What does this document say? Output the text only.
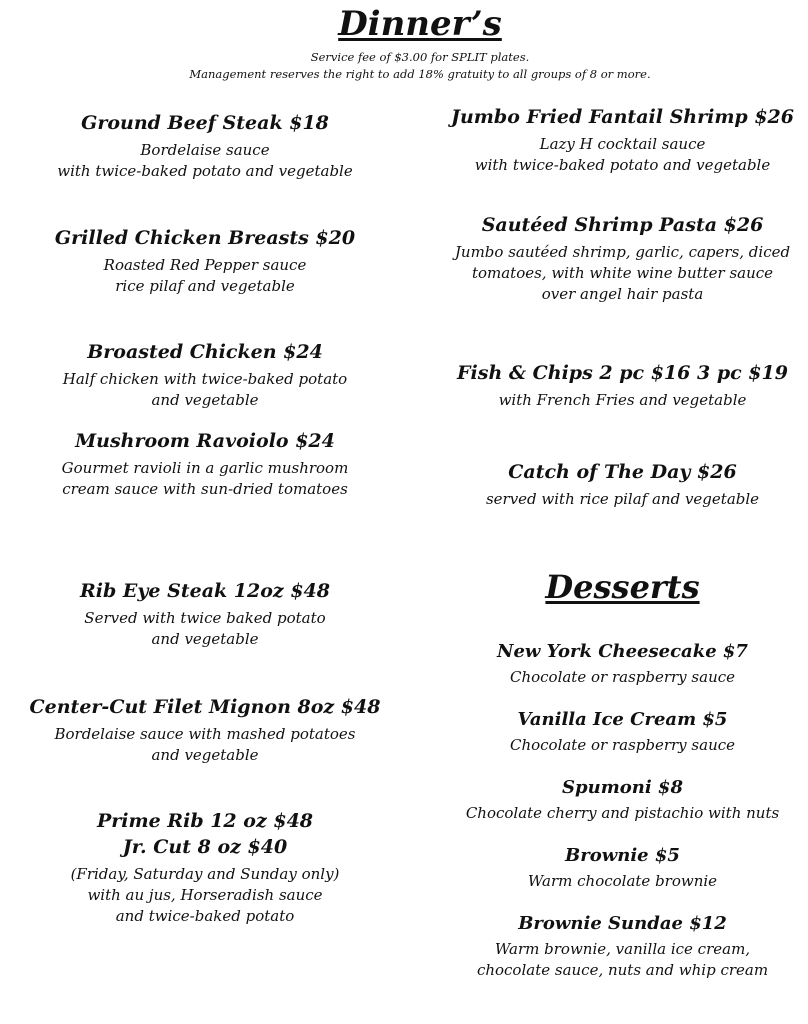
Dinner’s

Service fee of $3.00 for SPLIT plates.

Management reserves the right to add 18% gratuity to all groups of 8 or more.

Ground Beef Steak $18

Bordelaise sauce
with twice-baked potato and vegetable

Grilled Chicken Breasts $20

Roasted Red Pepper sauce
rice pilaf and vegetable

Broasted Chicken $24

Half chicken with twice-baked potato
and vegetable

Mushroom Ravoiolo $24

Gourmet ravioli in a garlic mushroom
cream sauce with sun-dried tomatoes

Rib Eye Steak 12oz $48

Served with twice baked potato
and vegetable

Center-Cut Filet Mignon 8oz $48

Bordelaise sauce with mashed potatoes
and vegetable

Prime Rib 12 oz $48
Jr. Cut 8 oz $40

(Friday, Saturday and Sunday only)
with au jus, Horseradish sauce
and twice-baked potato

Jumbo Fried Fantail Shrimp $26

Lazy H cocktail sauce
with twice-baked potato and vegetable

Sautéed Shrimp Pasta $26

Jumbo sautéed shrimp, garlic, capers, diced
tomatoes, with white wine butter sauce
over angel hair pasta

Fish & Chips 2 pc $16 3 pc $19

with French Fries and vegetable

Catch of The Day $26

served with rice pilaf and vegetable

Desserts

New York Cheesecake $7

Chocolate or raspberry sauce

Vanilla Ice Cream $5

Chocolate or raspberry sauce

Spumoni $8

Chocolate cherry and pistachio with nuts

Brownie $5

Warm chocolate brownie

Brownie Sundae $12

Warm brownie, vanilla ice cream,
chocolate sauce, nuts and whip cream
